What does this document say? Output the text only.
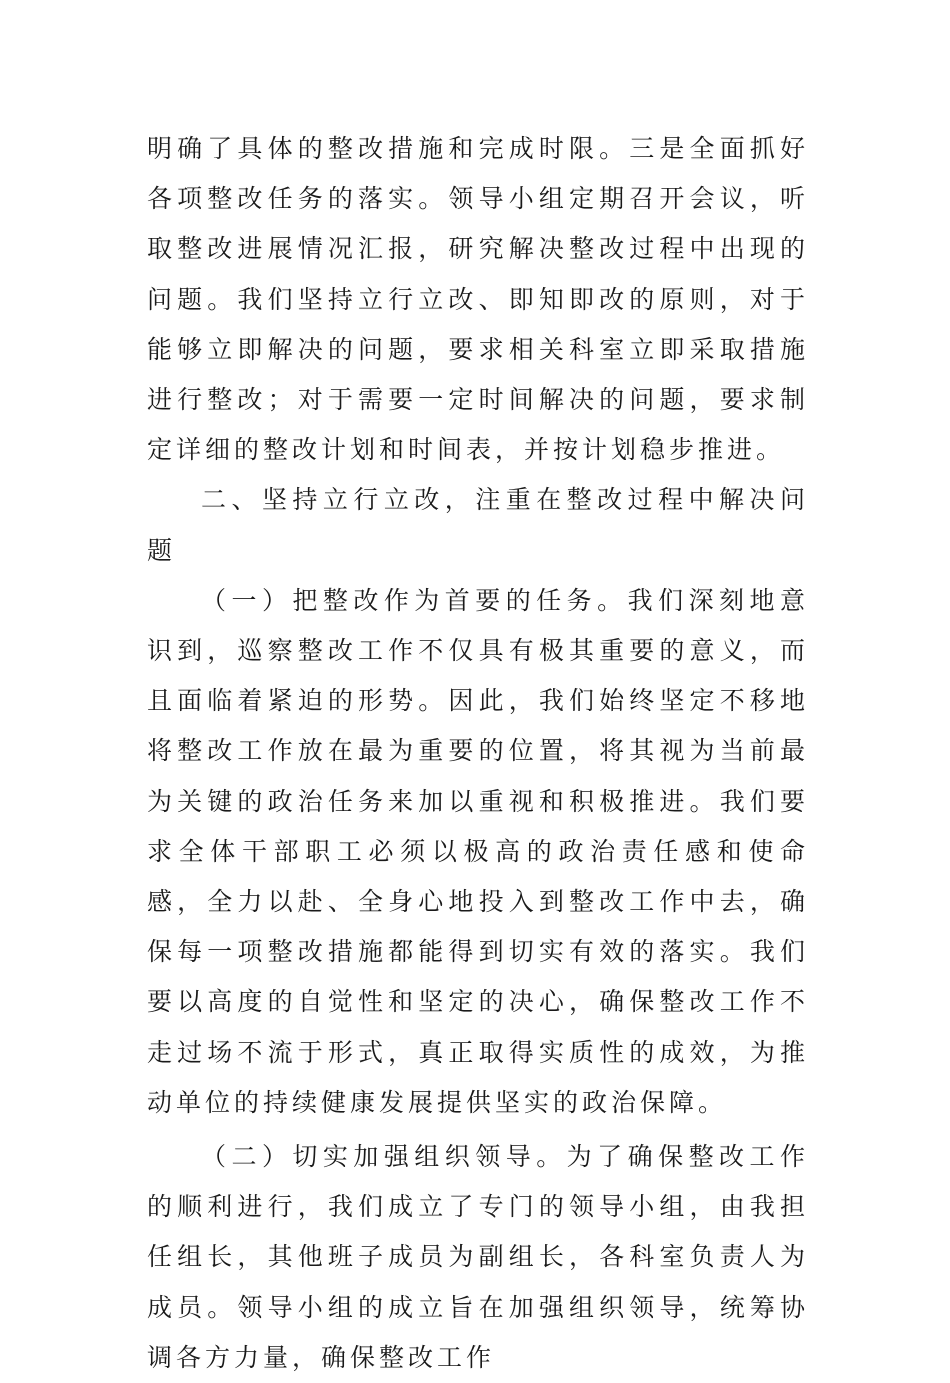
明确了具体的整改措施和完成时限。三是全面抓好各项整改任务的落实。领导小组定期召开会议，听取整改进展情况汇报，研究解决整改过程中出现的问题。我们坚持立行立改、即知即改的原则，对于能够立即解决的问题，要求相关科室立即采取措施进行整改；对于需要一定时间解决的问题，要求制定详细的整改计划和时间表，并按计划稳步推进。

二、坚持立行立改，注重在整改过程中解决问题

（一）把整改作为首要的任务。我们深刻地意识到，巡察整改工作不仅具有极其重要的意义，而且面临着紧迫的形势。因此，我们始终坚定不移地将整改工作放在最为重要的位置，将其视为当前最为关键的政治任务来加以重视和积极推进。我们要求全体干部职工必须以极高的政治责任感和使命感，全力以赴、全身心地投入到整改工作中去，确保每一项整改措施都能得到切实有效的落实。我们要以高度的自觉性和坚定的决心，确保整改工作不走过场不流于形式，真正取得实质性的成效，为推动单位的持续健康发展提供坚实的政治保障。

（二）切实加强组织领导。为了确保整改工作的顺利进行，我们成立了专门的领导小组，由我担任组长，其他班子成员为副组长，各科室负责人为成员。领导小组的成立旨在加强组织领导，统筹协调各方力量，确保整改工作
